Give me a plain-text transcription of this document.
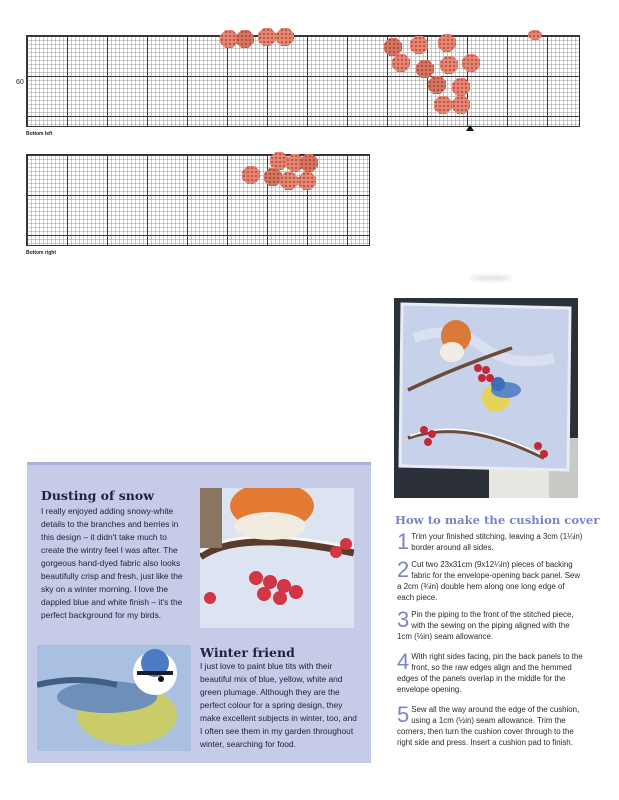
60
Bottom left
Bottom right
Dusting of snow
I really enjoyed adding snowy-white details to the branches and berries in this design – it didn't take much to create the wintry feel I was after. The gorgeous hand-dyed fabric also looks beautifully crisp and fresh, just like the sky on a winter morning. I love the dappled blue and white finish – it's the perfect background for my birds.
Winter friend
I just love to paint blue tits with their beautiful mix of blue, yellow, white and green plumage. Although they are the perfect colour for a spring design, they make excellent subjects in winter, too, and I often see them in my garden throughout winter, searching for food.
How to make the cushion cover
1 Trim your finished stitching, leaving a 3cm (1¼in) border around all sides.
2 Cut two 23x31cm (9x12¼in) pieces of backing fabric for the envelope-opening back panel. Sew a 2cm (¾in) double hem along one long edge of each piece.
3 Pin the piping to the front of the stitched piece, with the sewing on the piping aligned with the 1cm (½in) seam allowance.
4 With right sides facing, pin the back panels to the front, so the raw edges align and the hemmed edges of the panels overlap in the middle for the envelope opening.
5 Sew all the way around the edge of the cushion, using a 1cm (½in) seam allowance. Trim the corners, then turn the cushion cover through to the right side and press. Insert a cushion pad to finish.
